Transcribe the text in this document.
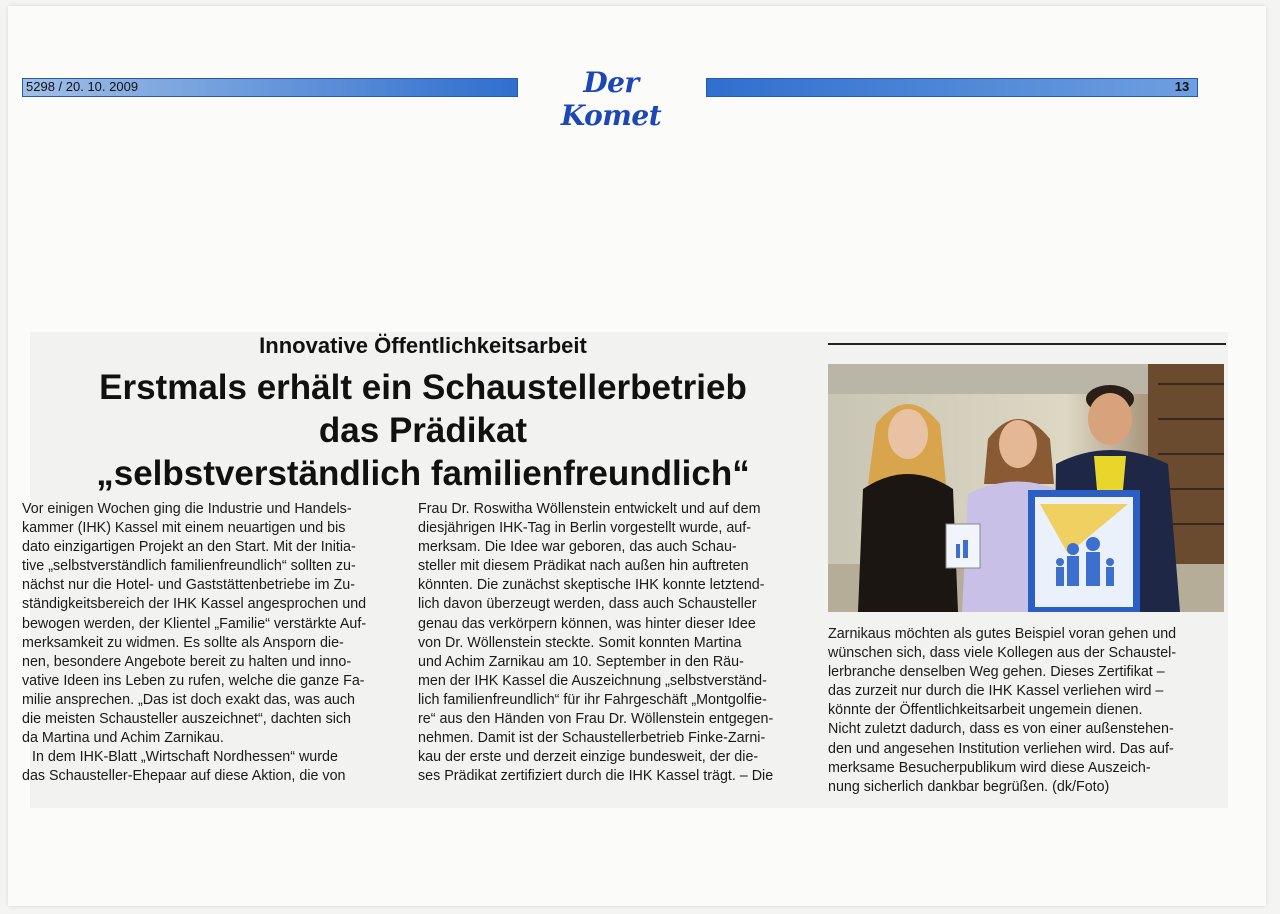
5298 / 20. 10. 2009	Der Komet
13
Innovative Öffentlichkeitsarbeit
Erstmals erhält ein Schaustellerbetrieb
das Prädikat
„selbstverständlich familienfreundlich“

Vor einigen Wochen ging die Industrie und Handels-

kammer (IHK) Kassel mit einem neuartigen und bis

dato einzigartigen Projekt an den Start. Mit der Initia-

tive „selbstverständlich familienfreundlich“ sollten zu-

nächst nur die Hotel- und Gaststättenbetriebe im Zu-

ständigkeitsbereich der IHK Kassel angesprochen und

bewogen werden, der Klientel „Familie“ verstärkte Auf-

merksamkeit zu widmen. Es sollte als Ansporn die-

nen, besondere Angebote bereit zu halten und inno-

vative Ideen ins Leben zu rufen, welche die ganze Fa-

milie ansprechen. „Das ist doch exakt das, was auch

die meisten Schausteller auszeichnet“, dachten sich

da Martina und Achim Zarnikau.

In dem IHK-Blatt „Wirtschaft Nordhessen“ wurde

das Schausteller-Ehepaar auf diese Aktion, die von

Frau Dr. Roswitha Wöllenstein entwickelt und auf dem

diesjährigen IHK-Tag in Berlin vorgestellt wurde, auf-

merksam. Die Idee war geboren, das auch Schau-

steller mit diesem Prädikat nach außen hin auftreten

könnten. Die zunächst skeptische IHK konnte letztend-

lich davon überzeugt werden, dass auch Schausteller

genau das verkörpern können, was hinter dieser Idee

von Dr. Wöllenstein steckte. Somit konnten Martina

und Achim Zarnikau am 10. September in den Räu-

men der IHK Kassel die Auszeichnung „selbstverständ-

lich familienfreundlich“ für ihr Fahrgeschäft „Montgolfie-

re“ aus den Händen von Frau Dr. Wöllenstein entgegen-

nehmen. Damit ist der Schaustellerbetrieb Finke-Zarni-

kau der erste und derzeit einzige bundesweit, der die-

ses Prädikat zertifiziert durch die IHK Kassel trägt. – Die

Zarnikaus möchten als gutes Beispiel voran gehen und

wünschen sich, dass viele Kollegen aus der Schaustel-

lerbranche denselben Weg gehen. Dieses Zertifikat –

das zurzeit nur durch die IHK Kassel verliehen wird –

könnte der Öffentlichkeitsarbeit ungemein dienen.

Nicht zuletzt dadurch, dass es von einer außenstehen-

den und angesehen Institution verliehen wird. Das auf-

merksame Besucherpublikum wird diese Auszeich-

nung sicherlich dankbar begrüßen. (dk/Foto)
